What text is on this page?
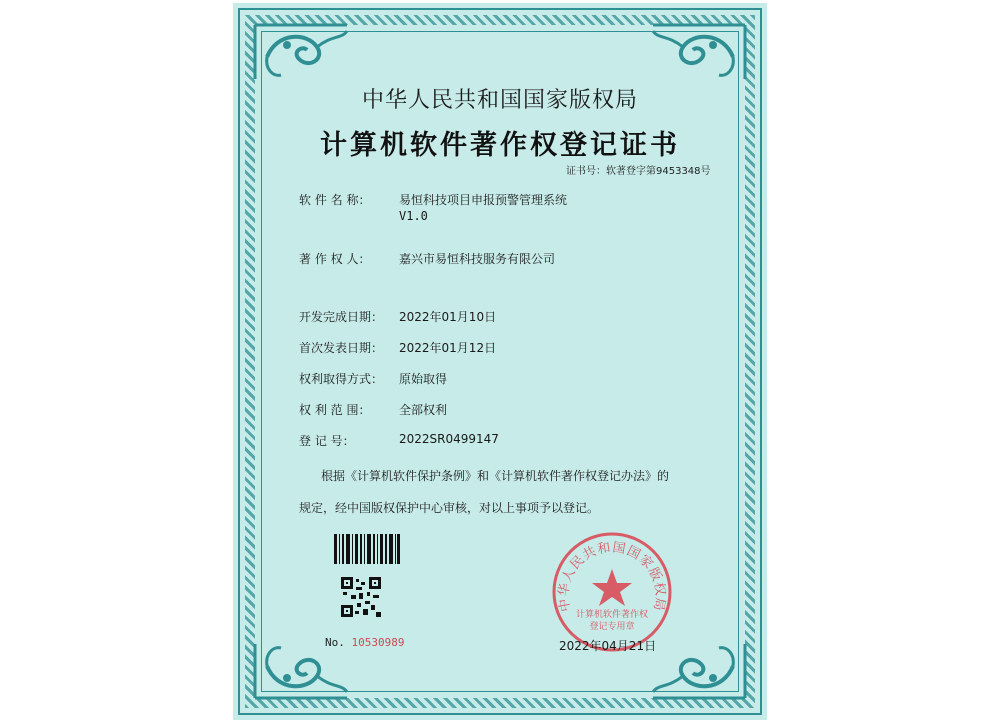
中华人民共和国国家版权局
计算机软件著作权登记证书
证书号：软著登字第9453348号
软 件 名 称： 易恒科技项目申报预警管理系统
V1.0
著 作 权 人： 嘉兴市易恒科技服务有限公司
开发完成日期： 2022年01月10日
首次发表日期： 2022年01月12日
权利取得方式： 原始取得
权 利 范 围： 全部权利
登 记 号：	2022SR0499147
根据《计算机软件保护条例》和《计算机软件著作权登记办法》的
规定，经中国版权保护中心审核，对以上事项予以登记。
No. 10530989
中华人民共和国国家版权局
计算机软件著作权
登记专用章
2022年04月21日
